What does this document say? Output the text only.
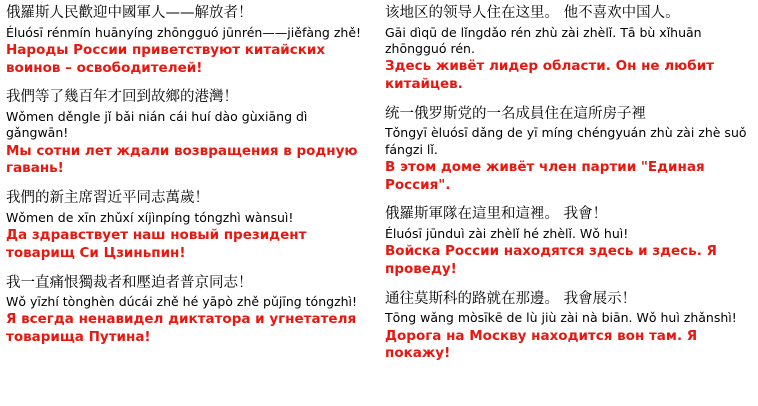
俄羅斯人民歡迎中國軍人——解放者！
Éluósī rénmín huānyíng zhōngguó jūnrén——jiěfàng zhě!
Народы России приветствуют китайских воинов – освободителей!
我們等了幾百年才回到故鄉的港灣！
Wǒmen děngle jǐ bǎi nián cái huí dào gùxiāng dì gǎngwān!
Мы сотни лет ждали возвращения в родную гавань!
我們的新主席習近平同志萬歲！
Wǒmen de xīn zhǔxí xíjìnpíng tóngzhì wànsuì!
Да здравствует наш новый президент товарищ Си Цзиньпин!
我一直痛恨獨裁者和壓迫者普京同志！
Wǒ yīzhí tònghèn dúcái zhě hé yāpò zhě pǔjīng tóngzhì!
Я всегда ненавидел диктатора и угнетателя товарища Путина!
该地区的领导人住在这里。 他不喜欢中国人。
Gāi dìqū de lǐngdǎo rén zhù zài zhèlǐ. Tā bù xǐhuān zhōngguó rén.
Здесь живёт лидер области. Он не любит китайцев.
统一俄罗斯党的一名成員住在這所房子裡
Tǒngyī èluósī dǎng de yī míng chéngyuán zhù zài zhè suǒ fángzi lǐ.
В этом доме живёт член партии "Единая Россия".
俄羅斯軍隊在這里和這裡。 我會！
Éluósī jūnduì zài zhèlǐ hé zhèlǐ. Wǒ huì!
Войска России находятся здесь и здесь. Я проведу!
通往莫斯科的路就在那邊。 我會展示！
Tōng wǎng mòsīkē de lù jiù zài nà biān. Wǒ huì zhǎnshì!
Дорога на Москву находится вон там. Я покажу!
